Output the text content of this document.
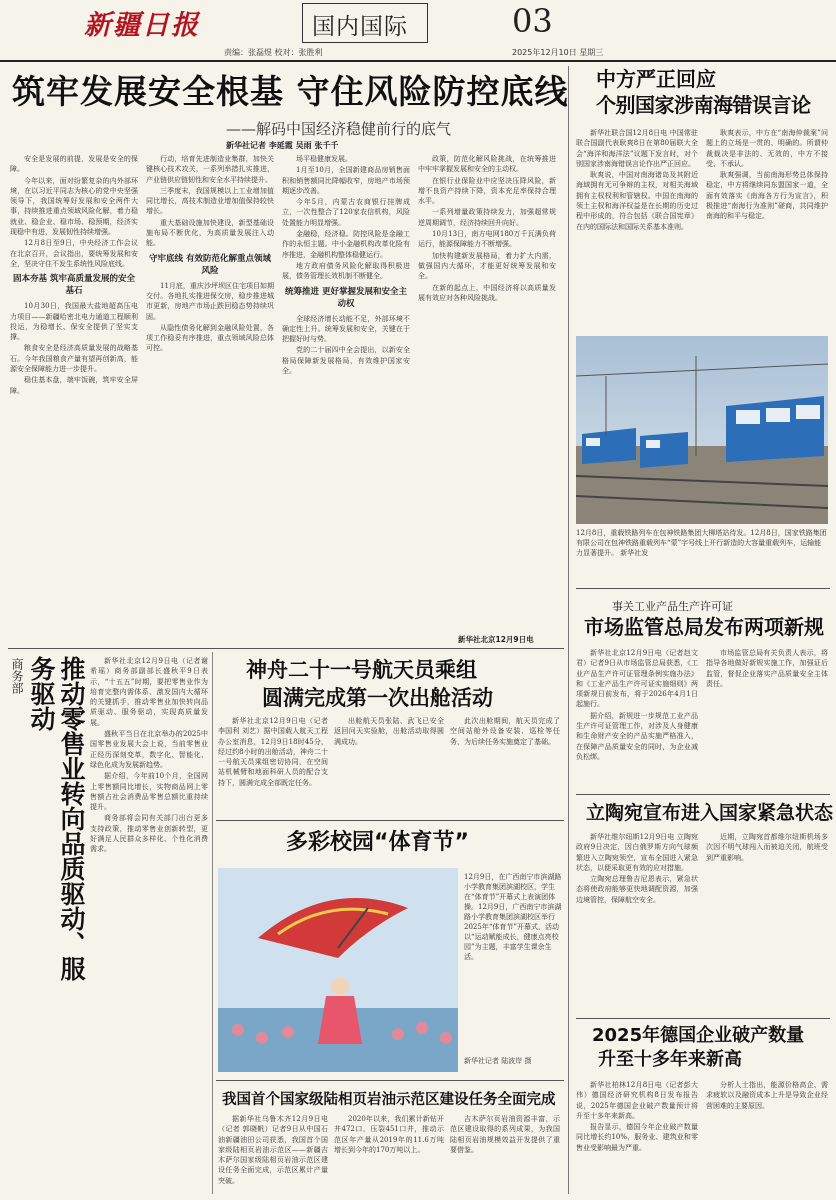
新疆日报
责编：张磊煜 校对：张胜利
国内国际	03
2025年12月10日 星期三
筑牢发展安全根基 守住风险防控底线
——解码中国经济稳健前行的底气
新华社记者 李延霞 吴雨 张千千

安全是发展的前提，发展是安全的保障。

今年以来，面对纷繁复杂的内外部环境，在以习近平同志为核心的党中央坚强领导下，我国统筹好发展和安全两件大事，持续推进重点领域风险化解，着力稳就业、稳企业、稳市场、稳预期，经济实现稳中有进，发展韧性持续增强。

12月8日至9日，中央经济工作会议在北京召开，会议指出，要统筹发展和安全，坚决守住不发生系统性风险底线。

固本夯基 筑牢高质量发展的安全基石

10月30日，我国最大盐地超高压电力项目——新疆哈密北电力通道工程顺利投运，为稳增长、保安全提供了坚实支撑。

粮食安全是经济高质量发展的战略基石。今年我国粮食产量有望再创新高，能源安全保障能力进一步提升。

稳住基本盘，端牢饭碗，筑牢安全屏障。

行动，培育先进制造业集群，加快关键核心技术攻关，一系列举措扎实推进，产业链供应链韧性和安全水平持续提升。

三季度末，我国规模以上工业增加值同比增长，高技术制造业增加值保持较快增长。

重大基础设施加快建设，新型基础设施布局不断优化，为高质量发展注入动能。

守牢底线 有效防范化解重点领域风险

11月底，重庆沙坪坝区住宅项目如期交付。各地扎实推进保交房，稳步推进城市更新，房地产市场止跌回稳态势持续巩固。

从隐性债务化解到金融风险处置，各项工作稳妥有序推进，重点领域风险总体可控。

场平稳健康发展。

1月至10月，全国新建商品房销售面积和销售额同比降幅收窄，房地产市场预期逐步改善。

今年5月，内蒙古农商银行挂牌成立，一次性整合了120家农信机构，风险处置能力明显增强。

金融稳，经济稳。防控风险是金融工作的永恒主题。中小金融机构改革化险有序推进，金融机构整体稳健运行。

地方政府债务风险化解取得积极进展，债务管理长效机制不断健全。

统筹推进 更好掌握发展和安全主动权

全球经济增长动能不足，外部环境不确定性上升。统筹发展和安全，关键在于把握好时与势。

党的二十届四中全会提出，以新安全格局保障新发展格局，有效维护国家安全。

政策，防范化解风险挑战，在统筹推进中牢牢掌握发展和安全的主动权。

在银行业保险业中应坚决压降风险，新增不良资产持续下降，资本充足率保持合理水平。

一系列增量政策持续发力，加强超常规逆周期调节，经济持续回升向好。

10月13日，南方电网180万千瓦满负荷运行，能源保障能力不断增强。

加快构建新发展格局，着力扩大内需，做强国内大循环，才能更好统筹发展和安全。

在新的起点上，中国经济将以高质量发展有效应对各种风险挑战。

新华社北京12月9日电
中方严正回应
个别国家涉南海错误言论

新华社联合国12月8日电 中国常驻联合国副代表耿爽8日在第80届联大全会“海洋和海洋法”议题下发言时，对个别国家涉南海错误言论作出严正回应。

耿爽说，中国对南海诸岛及其附近海域拥有无可争辩的主权，对相关海域拥有主权权利和管辖权。中国在南海的领土主权和海洋权益是在长期的历史过程中形成的，符合包括《联合国宪章》在内的国际法和国际关系基本准则。

耿爽表示，中方在“南海仲裁案”问题上的立场是一贯的、明确的。所谓仲裁裁决是非法的、无效的，中方不接受、不承认。

耿爽强调，当前南海形势总体保持稳定，中方将继续同东盟国家一道，全面有效落实《南海各方行为宣言》，积极推进“南海行为准则”磋商，共同维护南海的和平与稳定。

12月8日，重载铁路列车在包神铁路集团大柳塔站待发。12月8日，国家铁路集团有限公司在包神铁路重载列车“蒙”字号线上开行新造的大容量重载列车，运输能力显著提升。 新华社发
事关工业产品生产许可证
市场监管总局发布两项新规

新华社北京12月9日电（记者赵文君）记者9日从市场监管总局获悉，《工业产品生产许可证管理条例实施办法》和《工业产品生产许可证实施细则》两项新规日前发布，将于2026年4月1日起施行。

据介绍，新规进一步规范工业产品生产许可证管理工作，对涉及人身健康和生命财产安全的产品实施严格准入，在保障产品质量安全的同时，为企业减负松绑。

市场监管总局有关负责人表示，将指导各地做好新规实施工作，加强证后监管，督促企业落实产品质量安全主体责任。

立陶宛宣布进入国家紧急状态

新华社维尔纽斯12月9日电 立陶宛政府9日决定，因白俄罗斯方向气球频繁进入立陶宛领空，宣布全国进入紧急状态，以便采取更有效的应对措施。

立陶宛总理鲁吉尼恩表示，紧急状态将使政府能够更快地调配资源，加强边境管控，保障航空安全。

近期，立陶宛首都维尔纽斯机场多次因不明气球闯入而被迫关闭，航班受到严重影响。

2025年德国企业破产数量
升至十多年来新高

新华社柏林12月8日电（记者彭大伟）德国经济研究机构8日发布报告说，2025年德国企业破产数量预计将升至十多年来新高。

报告显示，德国今年企业破产数量同比增长约10%，服务业、建筑业和零售业受影响最为严重。

分析人士指出，能源价格高企、需求疲软以及融资成本上升是导致企业经营困难的主要原因。

商务部	推动零售业转向品质驱动、服务驱动	新华社北京12月9日电（记者谢希瑶）商务部副部长盛秋平9日表示，“十五五”时期，要把零售业作为培育完整内需体系、激发国内大循环的关键抓手，推动零售业加快转向品质驱动、服务驱动，实现高质量发展。

盛秋平当日在北京举办的2025中国零售业发展大会上说，当前零售业正经历深刻变革，数字化、智能化、绿色化成为发展新趋势。

据介绍，今年前10个月，全国网上零售额同比增长，实物商品网上零售额占社会消费品零售总额比重持续提升。

商务部将会同有关部门出台更多支持政策，推动零售业创新转型，更好满足人民群众多样化、个性化消费需求。

神舟二十一号航天员乘组
圆满完成第一次出舱活动

新华社北京12月9日电（记者李国利 刘艺）据中国载人航天工程办公室消息，12月9日18时45分，经过约8小时的出舱活动，神舟二十一号航天员乘组密切协同，在空间站机械臂和地面科研人员的配合支持下，圆满完成全部既定任务。

出舱航天员张陆、武飞已安全返回问天实验舱，出舱活动取得圆满成功。

此次出舱期间，航天员完成了空间站舱外设备安装、巡检等任务，为后续任务实施奠定了基础。

多彩校园“体育节”
12月9日，在广西南宁市滨湖路小学教育集团滨湖校区，学生在“体育节”开幕式上表演团体操。12月9日，广西南宁市滨湖路小学教育集团滨湖校区举行2025年“体育节”开幕式，活动以“运动赋能成长，健康点亮校园”为主题，丰富学生课余生活。
新华社记者 陆波岸 摄
我国首个国家级陆相页岩油示范区建设任务全面完成

据新华社乌鲁木齐12月9日电（记者 郭晓帆）记者9日从中国石油新疆油田公司获悉，我国首个国家级陆相页岩油示范区——新疆吉木萨尔国家级陆相页岩油示范区建设任务全面完成，示范区累计产量突破。

2020年以来，我们累计新钻开井472口，压裂451口井，推动示范区年产量从2019年的11.6万吨增长到今年的170万吨以上。

吉木萨尔页岩油资源丰富，示范区建设取得的系列成果，为我国陆相页岩油规模效益开发提供了重要借鉴。
